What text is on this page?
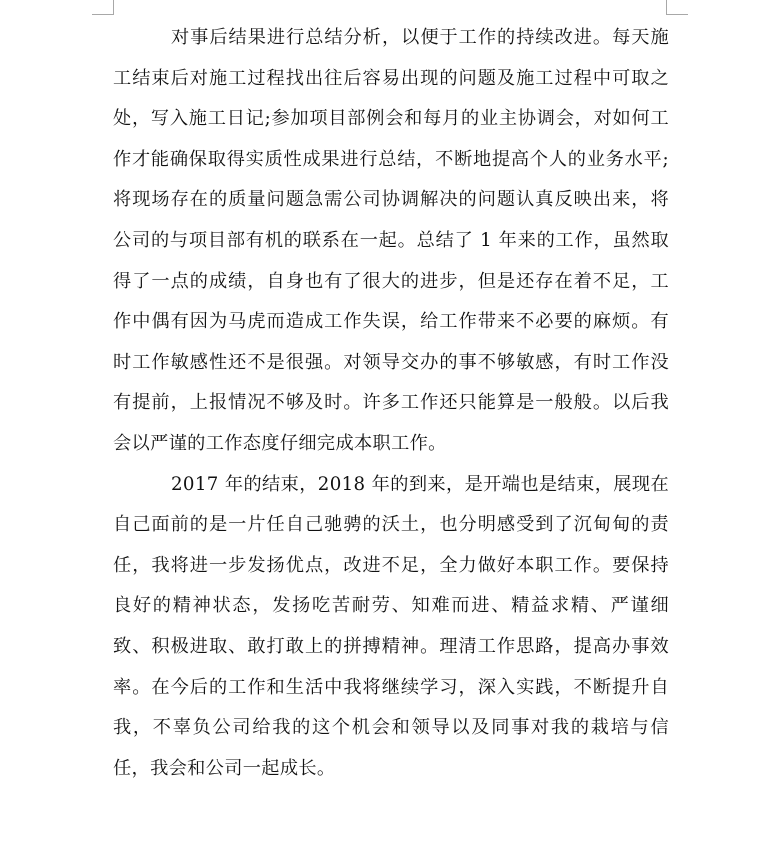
对事后结果进行总结分析，以便于工作的持续改进。每天施工结束后对施工过程找出往后容易出现的问题及施工过程中可取之处，写入施工日记;参加项目部例会和每月的业主协调会，对如何工作才能确保取得实质性成果进行总结，不断地提高个人的业务水平;将现场存在的质量问题急需公司协调解决的问题认真反映出来，将公司的与项目部有机的联系在一起。总结了 1 年来的工作，虽然取得了一点的成绩，自身也有了很大的进步，但是还存在着不足，工作中偶有因为马虎而造成工作失误，给工作带来不必要的麻烦。有时工作敏感性还不是很强。对领导交办的事不够敏感，有时工作没有提前，上报情况不够及时。许多工作还只能算是一般般。以后我会以严谨的工作态度仔细完成本职工作。

2017 年的结束，2018 年的到来，是开端也是结束，展现在自己面前的是一片任自己驰骋的沃土，也分明感受到了沉甸甸的责任，我将进一步发扬优点，改进不足，全力做好本职工作。要保持良好的精神状态，发扬吃苦耐劳、知难而进、精益求精、严谨细致、积极进取、敢打敢上的拼搏精神。理清工作思路，提高办事效率。在今后的工作和生活中我将继续学习，深入实践，不断提升自我，不辜负公司给我的这个机会和领导以及同事对我的栽培与信任，我会和公司一起成长。
